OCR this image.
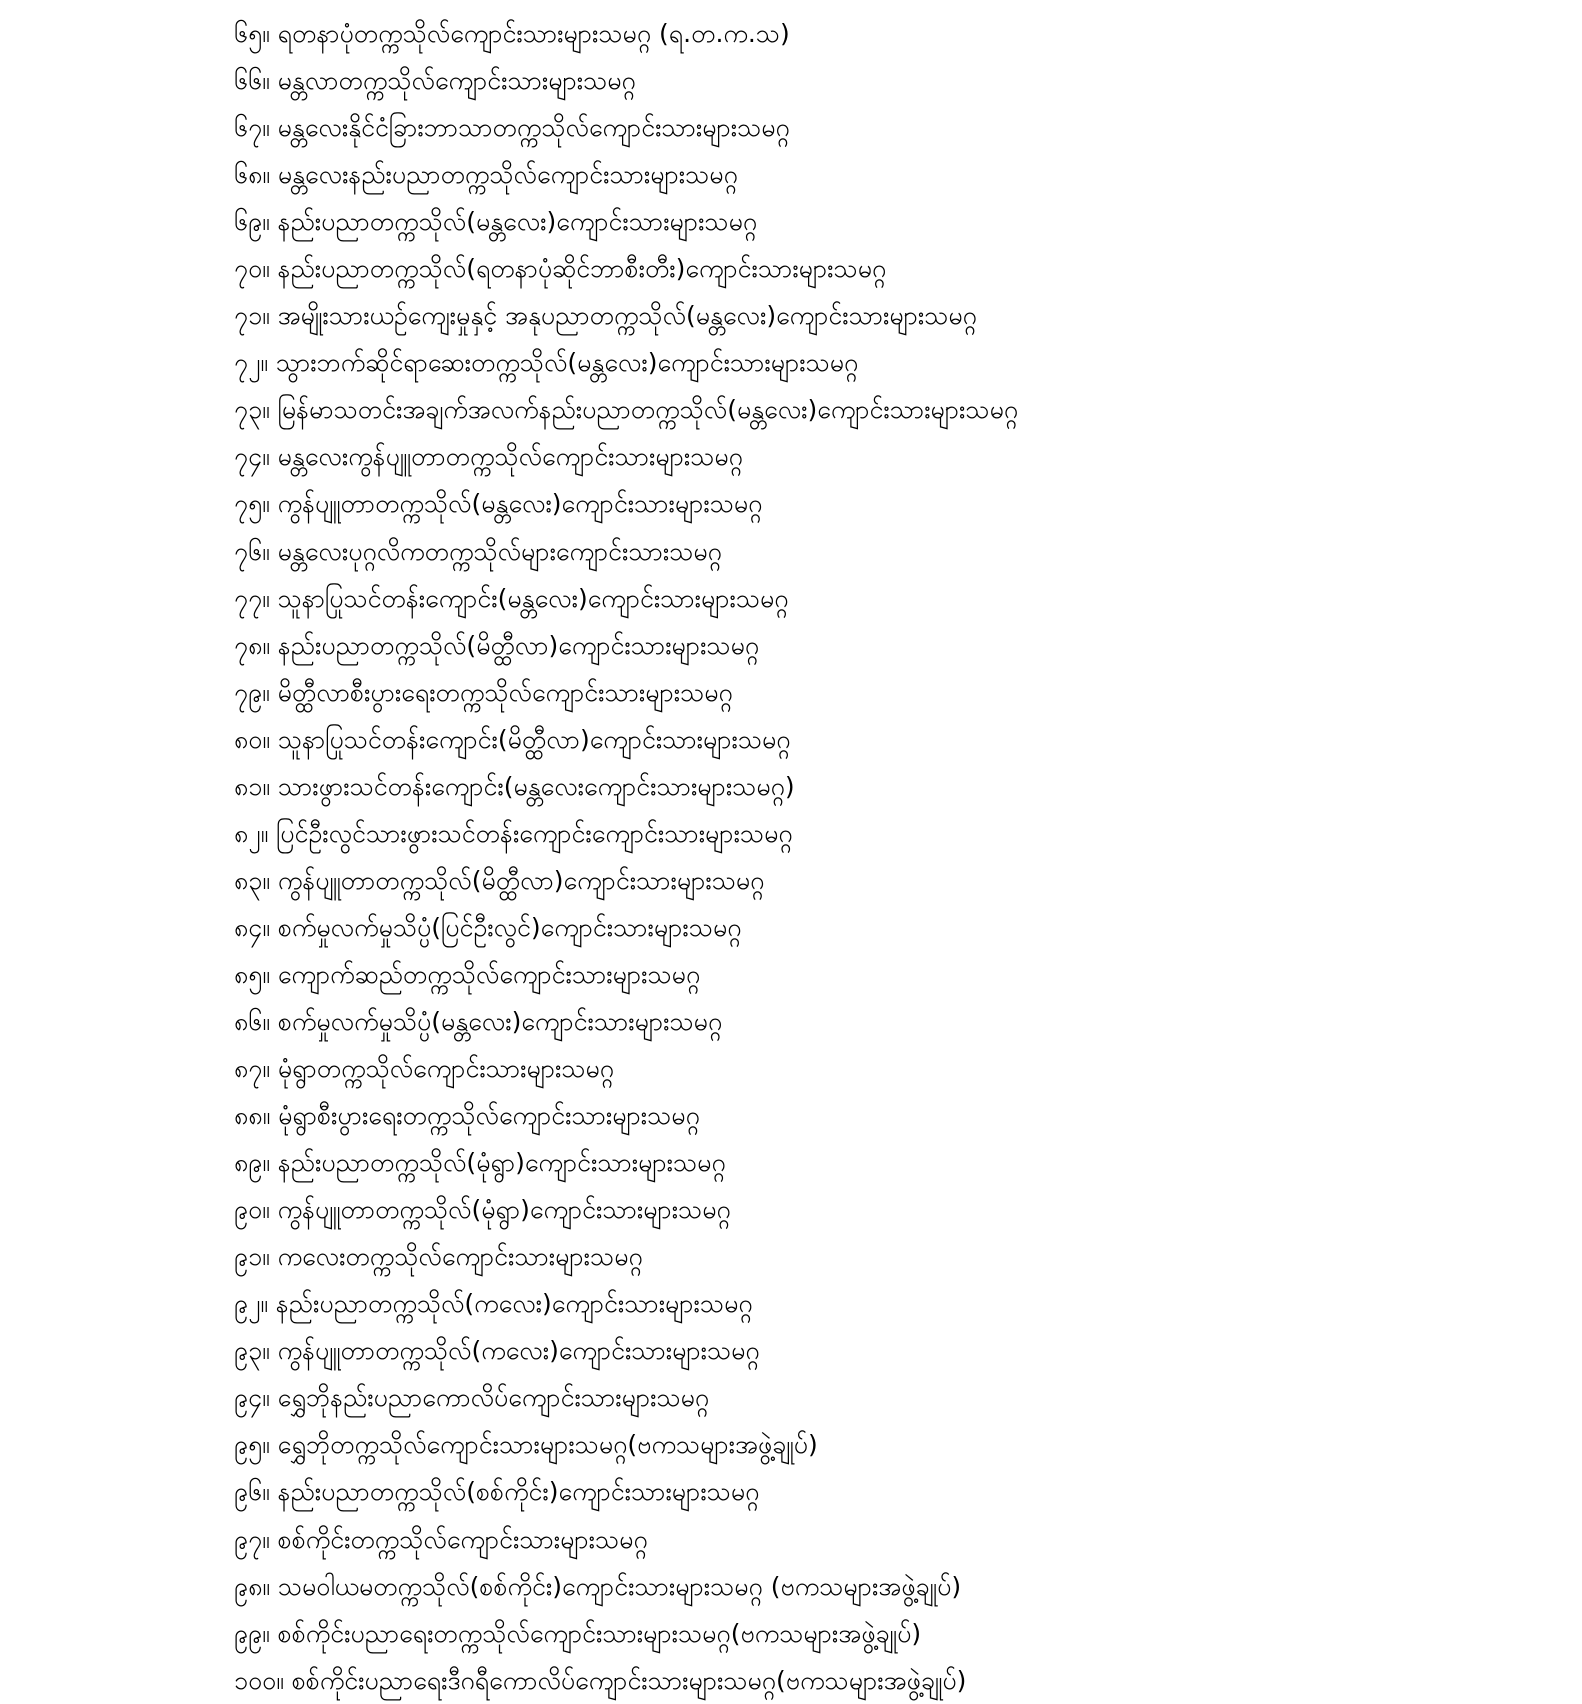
၆၅။ ရတနာပုံတက္ကသိုလ်ကျောင်းသားများသမဂ္ဂ (ရ.တ.က.သ)
၆၆။ မန္တလာတက္ကသိုလ်ကျောင်းသားများသမဂ္ဂ
၆၇။ မန္တလေးနိုင်ငံခြားဘာသာတက္ကသိုလ်ကျောင်းသားများသမဂ္ဂ
၆၈။ မန္တလေးနည်းပညာတက္ကသိုလ်ကျောင်းသားများသမဂ္ဂ
၆၉။ နည်းပညာတက္ကသိုလ်(မန္တလေး)ကျောင်းသားများသမဂ္ဂ
၇၀။ နည်းပညာတက္ကသိုလ်(ရတနာပုံဆိုင်ဘာစီးတီး)ကျောင်းသားများသမဂ္ဂ
၇၁။ အမျိုးသားယဉ်ကျေးမှုနှင့် အနုပညာတက္ကသိုလ်(မန္တလေး)ကျောင်းသားများသမဂ္ဂ
၇၂။ သွားဘက်ဆိုင်ရာဆေးတက္ကသိုလ်(မန္တလေး)ကျောင်းသားများသမဂ္ဂ
၇၃။ မြန်မာသတင်းအချက်အလက်နည်းပညာတက္ကသိုလ်(မန္တလေး)ကျောင်းသားများသမဂ္ဂ
၇၄။ မန္တလေးကွန်ပျူတာတက္ကသိုလ်ကျောင်းသားများသမဂ္ဂ
၇၅။ ကွန်ပျူတာတက္ကသိုလ်(မန္တလေး)ကျောင်းသားများသမဂ္ဂ
၇၆။ မန္တလေးပုဂ္ဂလိကတက္ကသိုလ်များကျောင်းသားသမဂ္ဂ
၇၇။ သူနာပြုသင်တန်းကျောင်း(မန္တလေး)ကျောင်းသားများသမဂ္ဂ
၇၈။ နည်းပညာတက္ကသိုလ်(မိတ္ထီလာ)ကျောင်းသားများသမဂ္ဂ
၇၉။ မိတ္ထီလာစီးပွားရေးတက္ကသိုလ်ကျောင်းသားများသမဂ္ဂ
၈၀။ သူနာပြုသင်တန်းကျောင်း(မိတ္ထီလာ)ကျောင်းသားများသမဂ္ဂ
၈၁။ သားဖွားသင်တန်းကျောင်း(မန္တလေးကျောင်းသားများသမဂ္ဂ)
၈၂။ ပြင်ဦးလွင်သားဖွားသင်တန်းကျောင်းကျောင်းသားများသမဂ္ဂ
၈၃။ ကွန်ပျူတာတက္ကသိုလ်(မိတ္ထီလာ)ကျောင်းသားများသမဂ္ဂ
၈၄။ စက်မှုလက်မှုသိပ္ပံ(ပြင်ဦးလွင်)ကျောင်းသားများသမဂ္ဂ
၈၅။ ကျောက်ဆည်တက္ကသိုလ်ကျောင်းသားများသမဂ္ဂ
၈၆။ စက်မှုလက်မှုသိပ္ပံ(မန္တလေး)ကျောင်းသားများသမဂ္ဂ
၈၇။ မုံရွာတက္ကသိုလ်ကျောင်းသားများသမဂ္ဂ
၈၈။ မုံရွာစီးပွားရေးတက္ကသိုလ်ကျောင်းသားများသမဂ္ဂ
၈၉။ နည်းပညာတက္ကသိုလ်(မုံရွာ)ကျောင်းသားများသမဂ္ဂ
၉၀။ ကွန်ပျူတာတက္ကသိုလ်(မုံရွာ)ကျောင်းသားများသမဂ္ဂ
၉၁။ ကလေးတက္ကသိုလ်ကျောင်းသားများသမဂ္ဂ
၉၂။ နည်းပညာတက္ကသိုလ်(ကလေး)ကျောင်းသားများသမဂ္ဂ
၉၃။ ကွန်ပျူတာတက္ကသိုလ်(ကလေး)ကျောင်းသားများသမဂ္ဂ
၉၄။ ရွှေဘိုနည်းပညာကောလိပ်ကျောင်းသားများသမဂ္ဂ
၉၅။ ရွှေဘိုတက္ကသိုလ်ကျောင်းသားများသမဂ္ဂ(ဗကသများအဖွဲ့ချုပ်)
၉၆။ နည်းပညာတက္ကသိုလ်(စစ်ကိုင်း)ကျောင်းသားများသမဂ္ဂ
၉၇။ စစ်ကိုင်းတက္ကသိုလ်ကျောင်းသားများသမဂ္ဂ
၉၈။ သမဝါယမတက္ကသိုလ်(စစ်ကိုင်း)ကျောင်းသားများသမဂ္ဂ (ဗကသများအဖွဲ့ချုပ်)
၉၉။ စစ်ကိုင်းပညာရေးတက္ကသိုလ်ကျောင်းသားများသမဂ္ဂ(ဗကသများအဖွဲ့ချုပ်)
၁၀၀။ စစ်ကိုင်းပညာရေးဒီဂရီကောလိပ်ကျောင်းသားများသမဂ္ဂ(ဗကသများအဖွဲ့ချုပ်)
